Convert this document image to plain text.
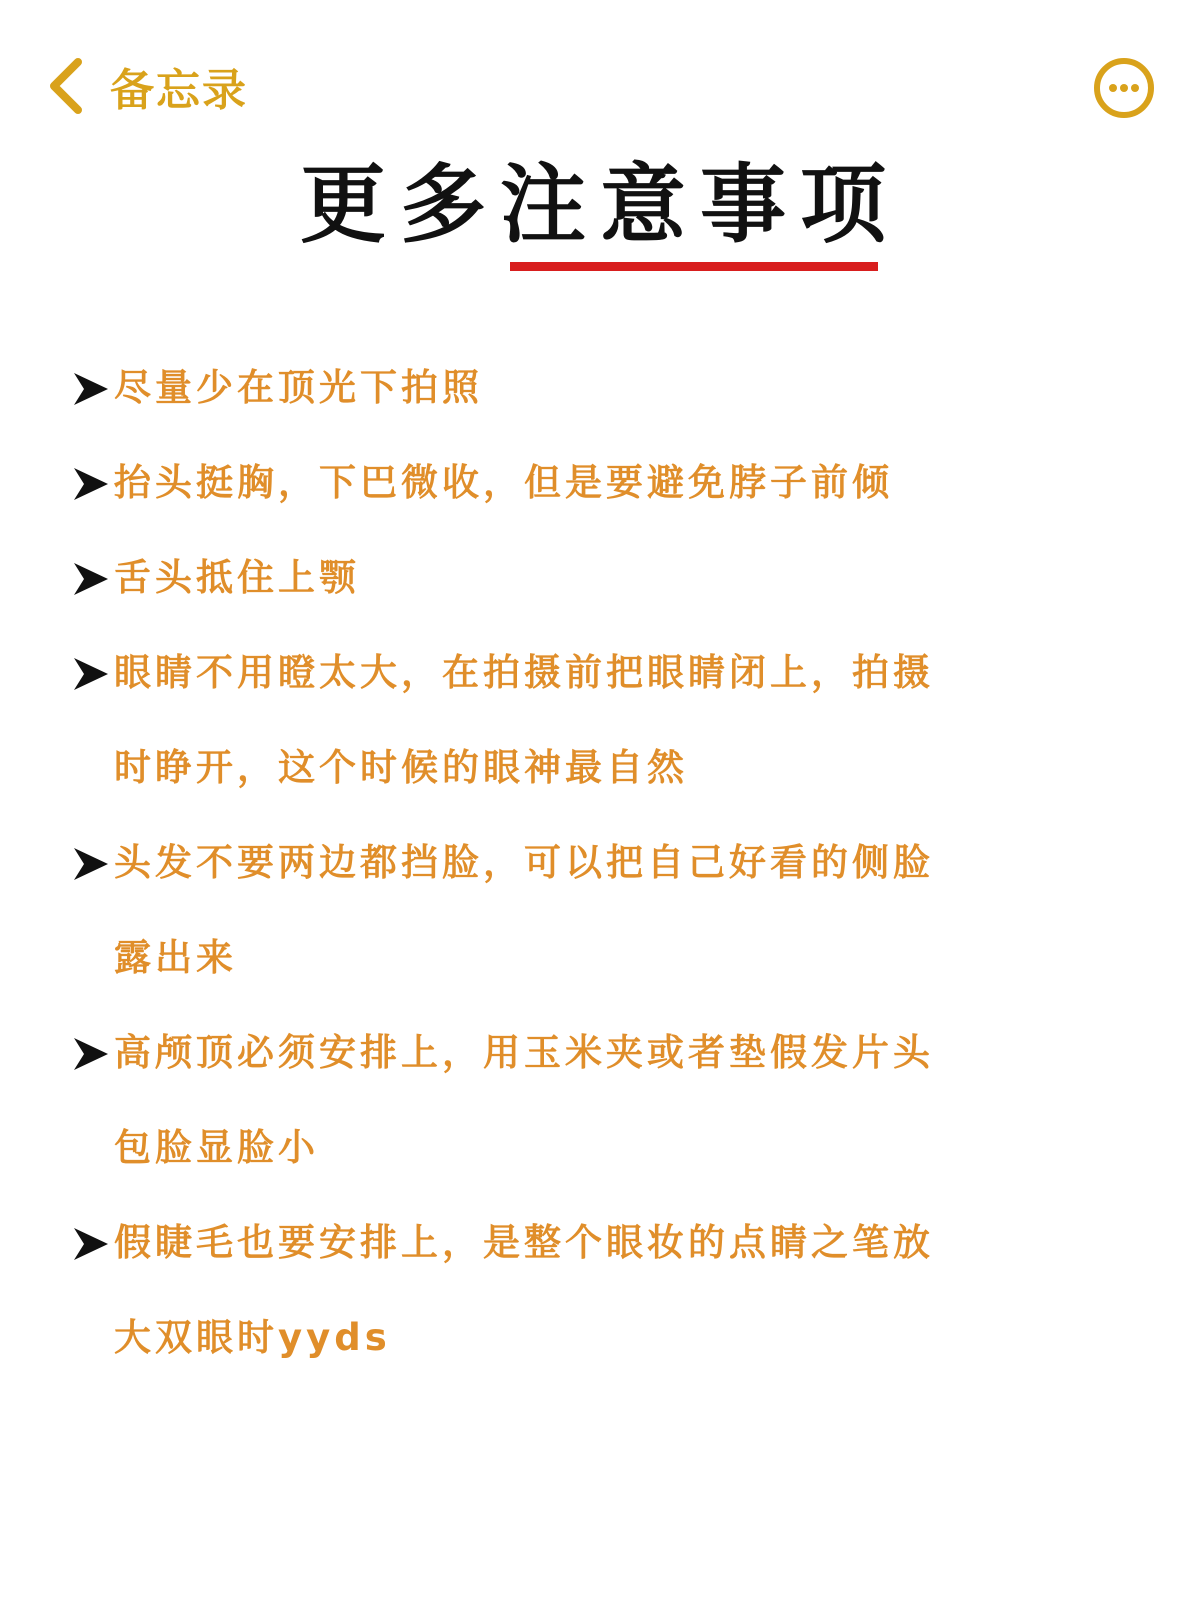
备忘录
更多注意事项
尽量少在顶光下拍照
抬头挺胸，下巴微收，但是要避免脖子前倾
舌头抵住上颚
眼睛不用瞪太大，在拍摄前把眼睛闭上，拍摄时睁开，这个时候的眼神最自然
头发不要两边都挡脸，可以把自己好看的侧脸露出来
高颅顶必须安排上，用玉米夹或者垫假发片头包脸显脸小
假睫毛也要安排上，是整个眼妆的点睛之笔放大双眼时yyds
